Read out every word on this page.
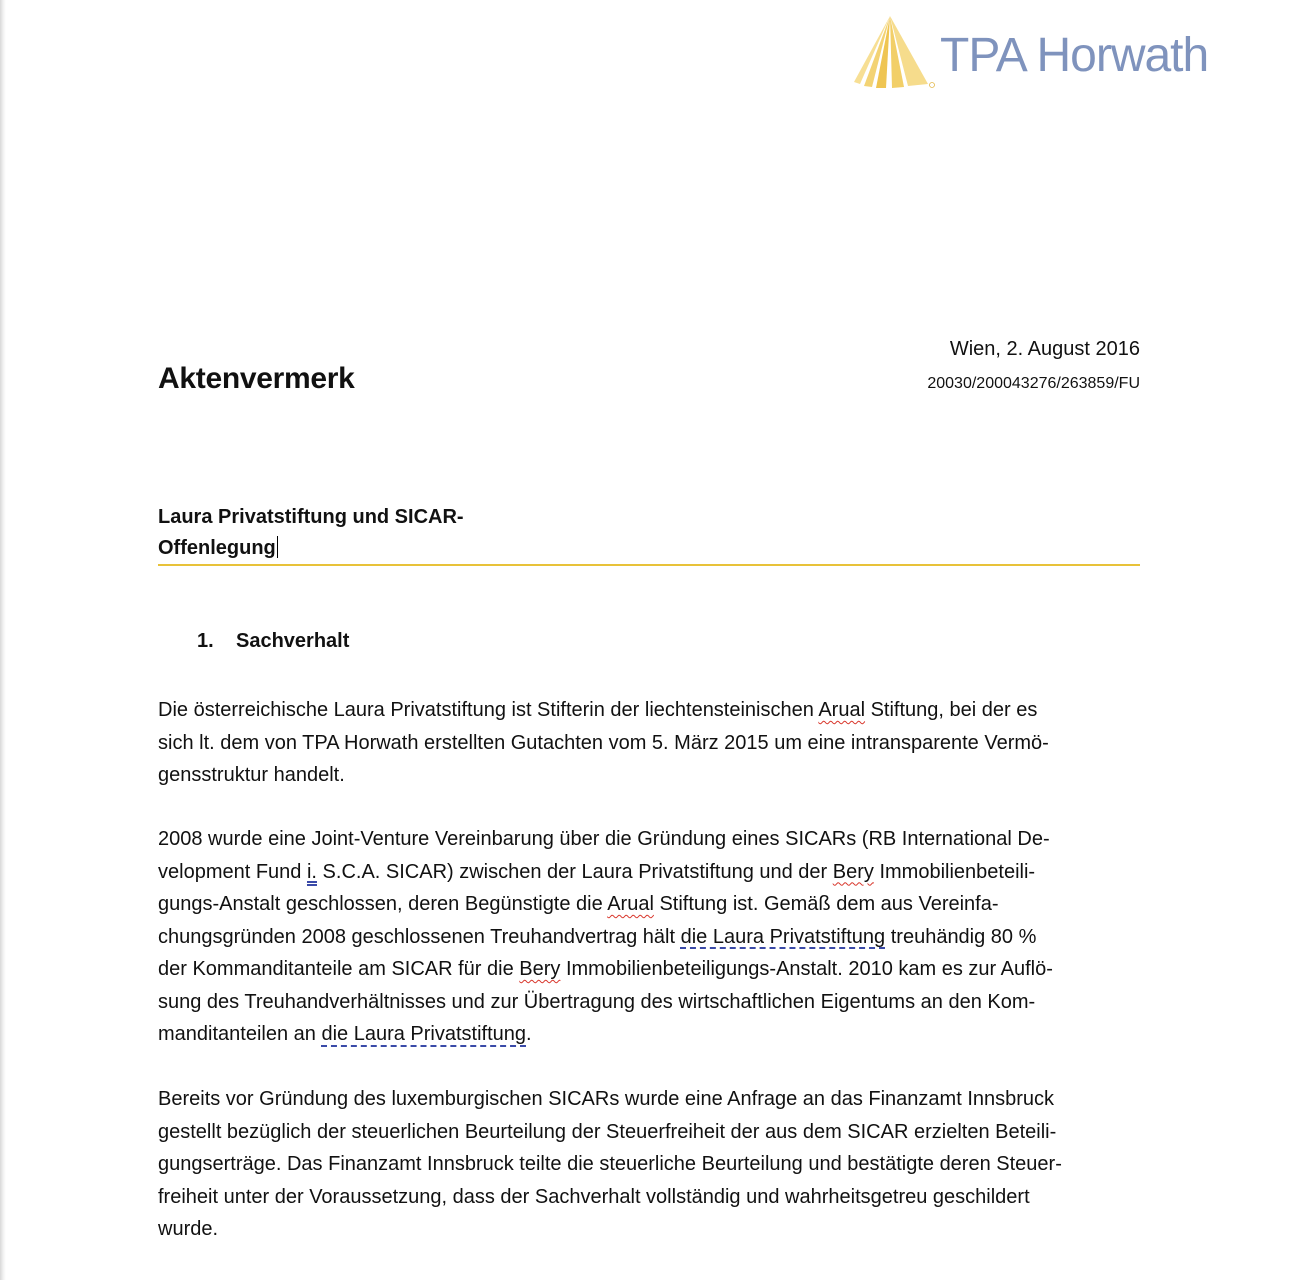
TPA Horwath
Wien, 2. August 2016
20030/200043276/263859/FU
Aktenvermerk
Laura Privatstiftung und SICAR-
Offenlegung
1. Sachverhalt
Die österreichische Laura Privatstiftung ist Stifterin der liechtensteinischen Arual Stiftung, bei der es
sich lt. dem von TPA Horwath erstellten Gutachten vom 5. März 2015 um eine intransparente Vermö-
gensstruktur handelt.
2008 wurde eine Joint-Venture Vereinbarung über die Gründung eines SICARs (RB International De-
velopment Fund i. S.C.A. SICAR) zwischen der Laura Privatstiftung und der Bery Immobilienbeteili-
gungs-Anstalt geschlossen, deren Begünstigte die Arual Stiftung ist. Gemäß dem aus Vereinfa-
chungsgründen 2008 geschlossenen Treuhandvertrag hält die Laura Privatstiftung treuhändig 80 %
der Kommanditanteile am SICAR für die Bery Immobilienbeteiligungs-Anstalt. 2010 kam es zur Auflö-
sung des Treuhandverhältnisses und zur Übertragung des wirtschaftlichen Eigentums an den Kom-
manditanteilen an die Laura Privatstiftung.
Bereits vor Gründung des luxemburgischen SICARs wurde eine Anfrage an das Finanzamt Innsbruck
gestellt bezüglich der steuerlichen Beurteilung der Steuerfreiheit der aus dem SICAR erzielten Beteili-
gungserträge. Das Finanzamt Innsbruck teilte die steuerliche Beurteilung und bestätigte deren Steuer-
freiheit unter der Voraussetzung, dass der Sachverhalt vollständig und wahrheitsgetreu geschildert
wurde.
